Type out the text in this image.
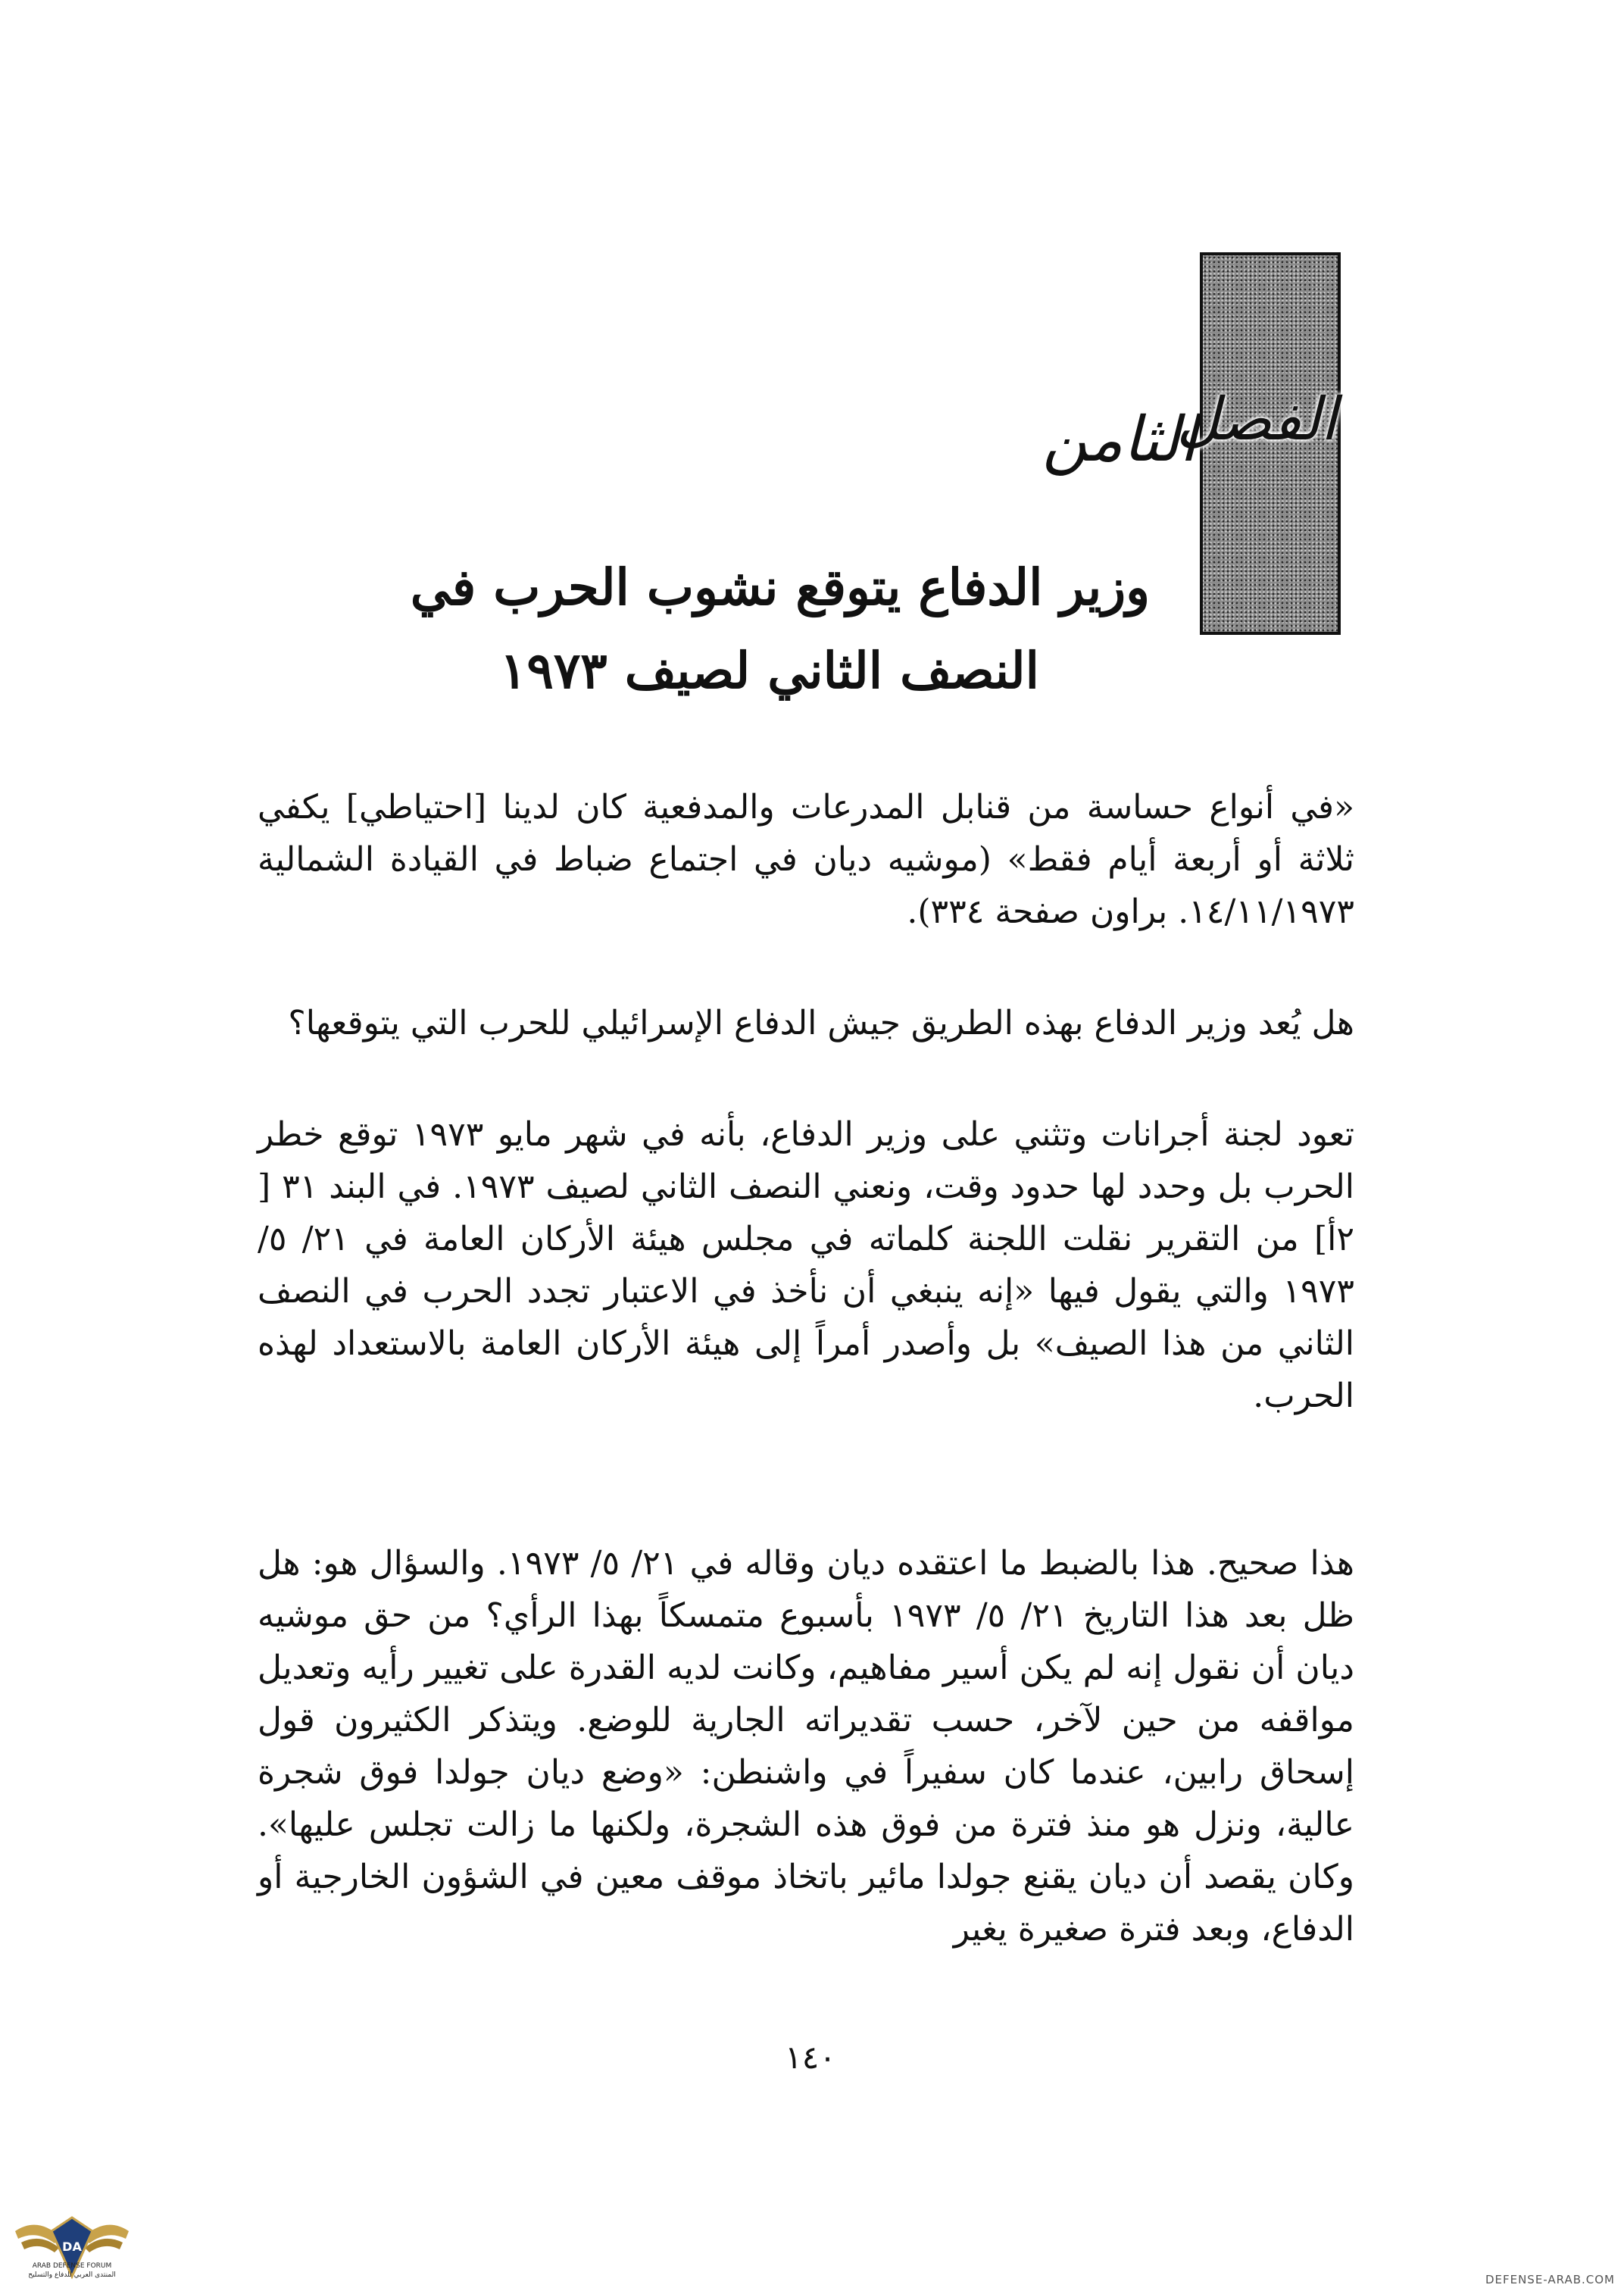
الفصل
الثامن
وزير الدفاع يتوقع نشوب الحرب في
النصف الثاني لصيف ١٩٧٣

«في أنواع حساسة من قنابل المدرعات والمدفعية كان لدينا [احتياطي] يكفي ثلاثة أو أربعة أيام فقط» (موشيه ديان في اجتماع ضباط في القيادة الشمالية ١٤/١١/١٩٧٣. براون صفحة ٣٣٤).

هل يُعد وزير الدفاع بهذه الطريق جيش الدفاع الإسرائيلي للحرب التي يتوقعها؟

تعود لجنة أجرانات وتثني على وزير الدفاع، بأنه في شهر مايو ١٩٧٣ توقع خطر الحرب بل وحدد لها حدود وقت، ونعني النصف الثاني لصيف ١٩٧٣. في البند ٣١ [ ٢أ] من التقرير نقلت اللجنة كلماته في مجلس هيئة الأركان العامة في ٢١/ ٥/ ١٩٧٣ والتي يقول فيها «إنه ينبغي أن نأخذ في الاعتبار تجدد الحرب في النصف الثاني من هذا الصيف» بل وأصدر أمراً إلى هيئة الأركان العامة بالاستعداد لهذه الحرب.

هذا صحيح. هذا بالضبط ما اعتقده ديان وقاله في ٢١/ ٥/ ١٩٧٣. والسؤال هو: هل ظل بعد هذا التاريخ ٢١/ ٥/ ١٩٧٣ بأسبوع متمسكاً بهذا الرأي؟ من حق موشيه ديان أن نقول إنه لم يكن أسير مفاهيم، وكانت لديه القدرة على تغيير رأيه وتعديل مواقفه من حين لآخر، حسب تقديراته الجارية للوضع. ويتذكر الكثيرون قول إسحاق رابين، عندما كان سفيراً في واشنطن: «وضع ديان جولدا فوق شجرة عالية، ونزل هو منذ فترة من فوق هذه الشجرة، ولكنها ما زالت تجلس عليها». وكان يقصد أن ديان يقنع جولدا مائير باتخاذ موقف معين في الشؤون الخارجية أو الدفاع، وبعد فترة صغيرة يغير

١٤٠
DA
ARAB DEFENSE FORUM
المنتدى العربي للدفاع والتسليح	DEFENSE-ARAB.COM
